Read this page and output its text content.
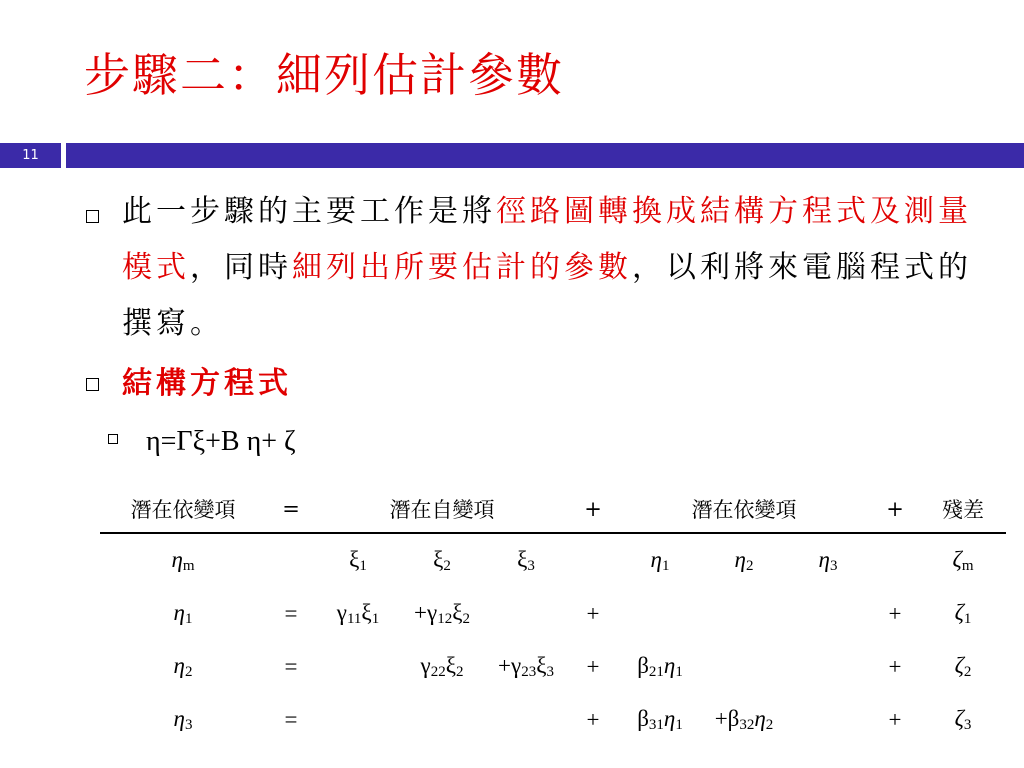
步驟二：細列估計參數
11
此一步驟的主要工作是將徑路圖轉換成結構方程式及測量模式，同時細列出所要估計的參數，以利將來電腦程式的撰寫。
結構方程式
η=Γξ+B η+ ζ
潛在依變項	=	潛在自變項			+	潛在依變項			+	殘差
$\eta_m$		$\xi_1$	$\xi_2$	$\xi_3$		$\eta_1$	$\eta_2$	$\eta_3$		$\zeta_m$
$\eta_1$	=	$\gamma_{11}\xi_1$	$+\gamma_{12}\xi_2$		+				+	$\zeta_1$
$\eta_2$	=		$\gamma_{22}\xi_2$	$+\gamma_{23}\xi_3$	+	$\beta_{21}\eta_1$			+	$\zeta_2$
$\eta_3$	=				+	$\beta_{31}\eta_1$	$+\beta_{32}\eta_2$		+	$\zeta_3$
